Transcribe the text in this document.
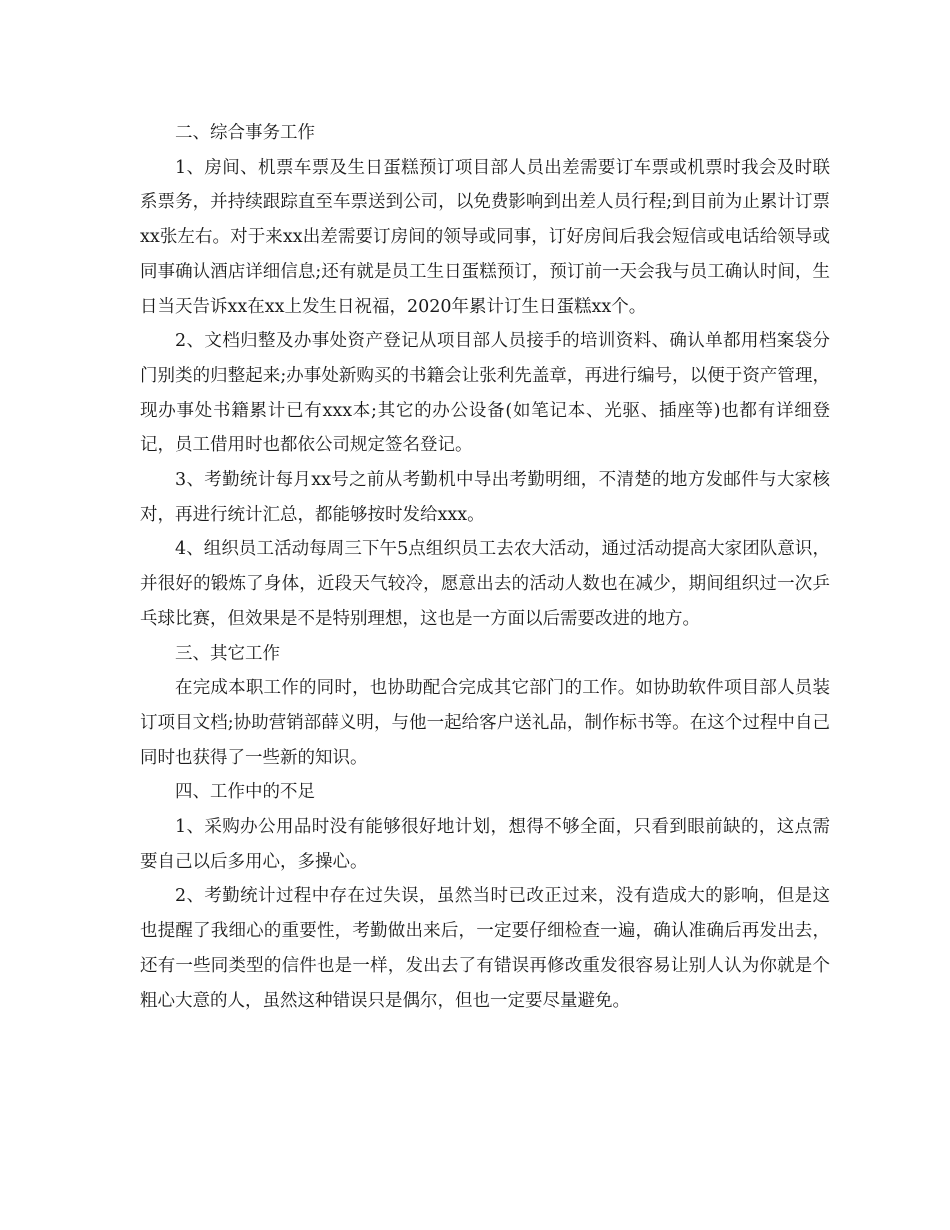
二、综合事务工作

1、房间、机票车票及生日蛋糕预订项目部人员出差需要订车票或机票时我会及时联系票务，并持续跟踪直至车票送到公司，以免费影响到出差人员行程;到目前为止累计订票xx张左右。对于来xx出差需要订房间的领导或同事，订好房间后我会短信或电话给领导或同事确认酒店详细信息;还有就是员工生日蛋糕预订，预订前一天会我与员工确认时间，生日当天告诉xx在xx上发生日祝福，2020年累计订生日蛋糕xx个。

2、文档归整及办事处资产登记从项目部人员接手的培训资料、确认单都用档案袋分门别类的归整起来;办事处新购买的书籍会让张利先盖章，再进行编号，以便于资产管理，现办事处书籍累计已有xxx本;其它的办公设备(如笔记本、光驱、插座等)也都有详细登记，员工借用时也都依公司规定签名登记。

3、考勤统计每月xx号之前从考勤机中导出考勤明细，不清楚的地方发邮件与大家核对，再进行统计汇总，都能够按时发给xxx。

4、组织员工活动每周三下午5点组织员工去农大活动，通过活动提高大家团队意识，并很好的锻炼了身体，近段天气较冷，愿意出去的活动人数也在减少，期间组织过一次乒乓球比赛，但效果是不是特别理想，这也是一方面以后需要改进的地方。

三、其它工作

在完成本职工作的同时，也协助配合完成其它部门的工作。如协助软件项目部人员装订项目文档;协助营销部薛义明，与他一起给客户送礼品，制作标书等。在这个过程中自己同时也获得了一些新的知识。

四、工作中的不足

1、采购办公用品时没有能够很好地计划，想得不够全面，只看到眼前缺的，这点需要自己以后多用心，多操心。

2、考勤统计过程中存在过失误，虽然当时已改正过来，没有造成大的影响，但是这也提醒了我细心的重要性，考勤做出来后，一定要仔细检查一遍，确认准确后再发出去，还有一些同类型的信件也是一样，发出去了有错误再修改重发很容易让别人认为你就是个粗心大意的人，虽然这种错误只是偶尔，但也一定要尽量避免。
